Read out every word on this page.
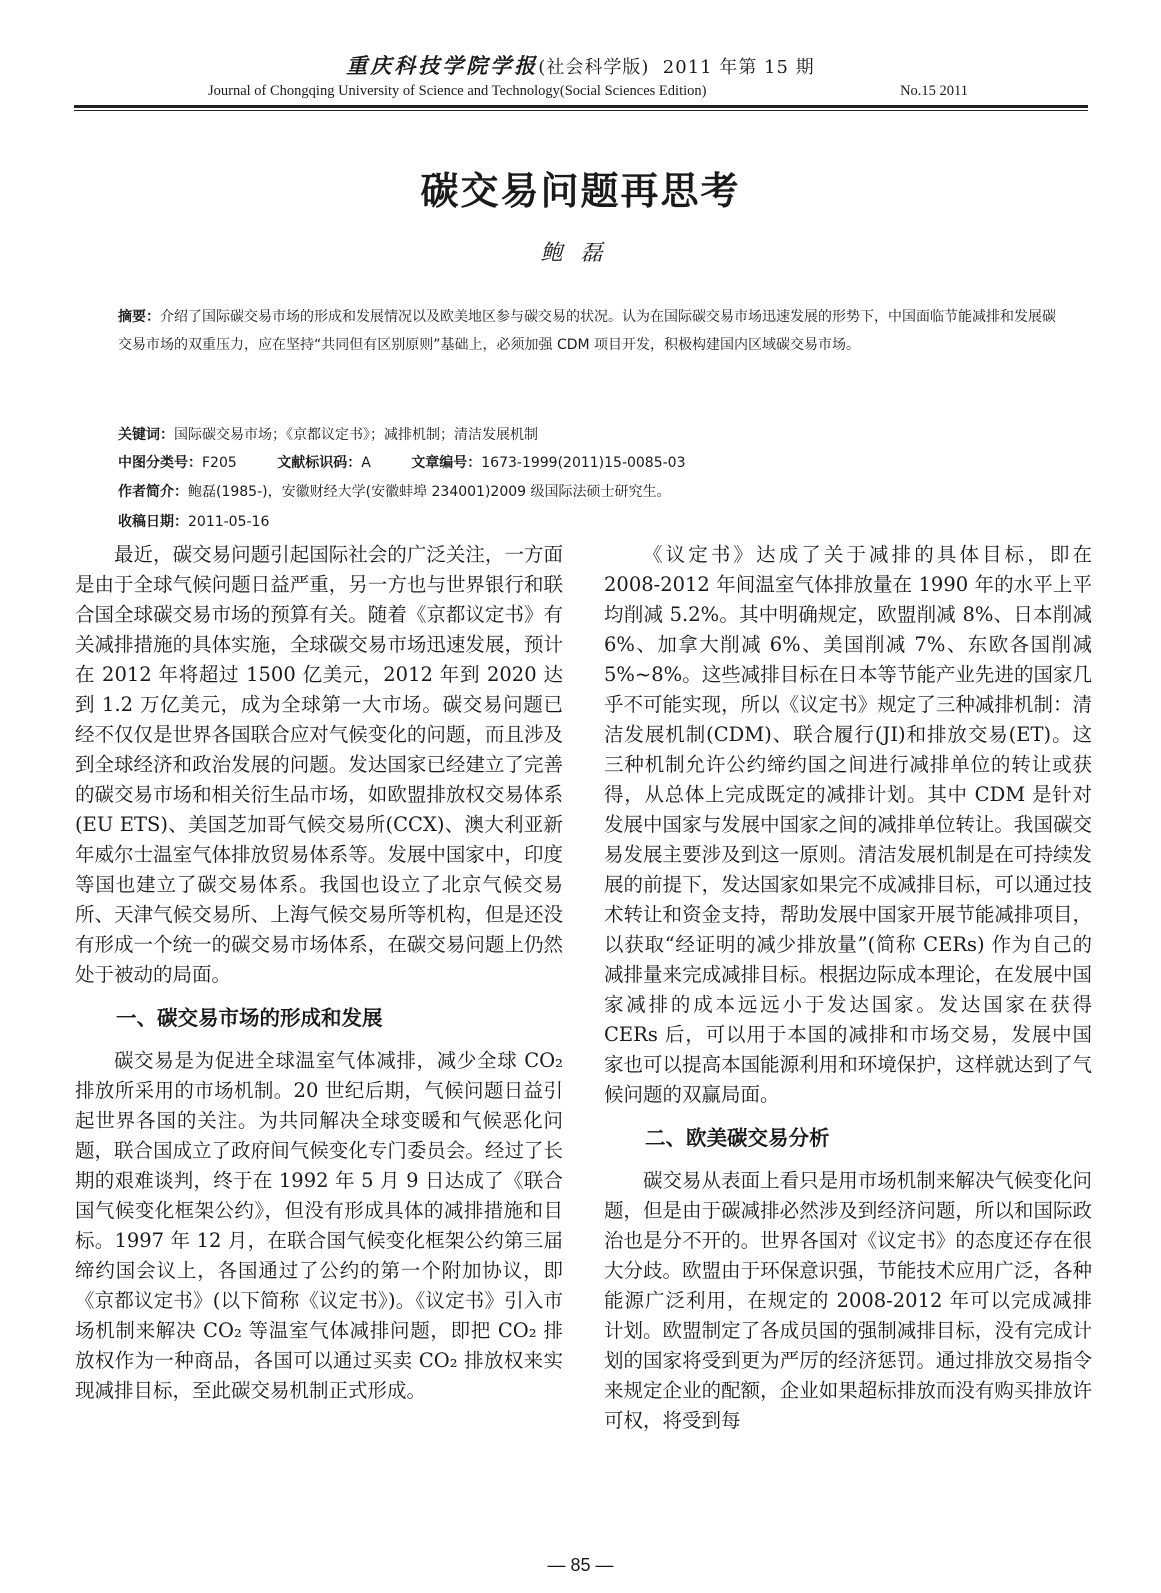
重庆科技学院学报(社会科学版) 2011 年第 15 期
Journal of Chongqing University of Science and Technology(Social Sciences Edition)	No.15 2011
碳交易问题再思考
鲍磊
摘要：介绍了国际碳交易市场的形成和发展情况以及欧美地区参与碳交易的状况。认为在国际碳交易市场迅速发展的形势下，中国面临节能减排和发展碳交易市场的双重压力，应在坚持“共同但有区别原则”基础上，必须加强 CDM 项目开发，积极构建国内区域碳交易市场。
关键词：国际碳交易市场；《京都议定书》；减排机制；清洁发展机制
中图分类号：F205	文献标识码：A	文章编号：1673-1999(2011)15-0085-03
作者简介：鲍磊(1985-)，安徽财经大学(安徽蚌埠 234001)2009 级国际法硕士研究生。
收稿日期：2011-05-16

最近，碳交易问题引起国际社会的广泛关注，一方面是由于全球气候问题日益严重，另一方也与世界银行和联合国全球碳交易市场的预算有关。随着《京都议定书》有关减排措施的具体实施，全球碳交易市场迅速发展，预计在 2012 年将超过 1500 亿美元，2012 年到 2020 达到 1.2 万亿美元，成为全球第一大市场。碳交易问题已经不仅仅是世界各国联合应对气候变化的问题，而且涉及到全球经济和政治发展的问题。发达国家已经建立了完善的碳交易市场和相关衍生品市场，如欧盟排放权交易体系(EU ETS)、美国芝加哥气候交易所(CCX)、澳大利亚新年威尔士温室气体排放贸易体系等。发展中国家中，印度等国也建立了碳交易体系。我国也设立了北京气候交易所、天津气候交易所、上海气候交易所等机构，但是还没有形成一个统一的碳交易市场体系，在碳交易问题上仍然处于被动的局面。

一、碳交易市场的形成和发展

碳交易是为促进全球温室气体减排，减少全球 CO₂ 排放所采用的市场机制。20 世纪后期，气候问题日益引起世界各国的关注。为共同解决全球变暖和气候恶化问题，联合国成立了政府间气候变化专门委员会。经过了长期的艰难谈判，终于在 1992 年 5 月 9 日达成了《联合国气候变化框架公约》，但没有形成具体的减排措施和目标。1997 年 12 月，在联合国气候变化框架公约第三届缔约国会议上，各国通过了公约的第一个附加协议，即《京都议定书》(以下简称《议定书》)。《议定书》引入市场机制来解决 CO₂ 等温室气体减排问题，即把 CO₂ 排放权作为一种商品，各国可以通过买卖 CO₂ 排放权来实现减排目标，至此碳交易机制正式形成。

《议定书》达成了关于减排的具体目标，即在 2008-2012 年间温室气体排放量在 1990 年的水平上平均削减 5.2%。其中明确规定，欧盟削减 8%、日本削减 6%、加拿大削减 6%、美国削减 7%、东欧各国削减 5%~8%。这些减排目标在日本等节能产业先进的国家几乎不可能实现，所以《议定书》规定了三种减排机制：清洁发展机制(CDM)、联合履行(JI)和排放交易(ET)。这三种机制允许公约缔约国之间进行减排单位的转让或获得，从总体上完成既定的减排计划。其中 CDM 是针对发展中国家与发展中国家之间的减排单位转让。我国碳交易发展主要涉及到这一原则。清洁发展机制是在可持续发展的前提下，发达国家如果完不成减排目标，可以通过技术转让和资金支持，帮助发展中国家开展节能减排项目，以获取“经证明的减少排放量”(简称 CERs) 作为自己的减排量来完成减排目标。根据边际成本理论，在发展中国家减排的成本远远小于发达国家。发达国家在获得 CERs 后，可以用于本国的减排和市场交易，发展中国家也可以提高本国能源利用和环境保护，这样就达到了气候问题的双赢局面。

二、欧美碳交易分析

碳交易从表面上看只是用市场机制来解决气候变化问题，但是由于碳减排必然涉及到经济问题，所以和国际政治也是分不开的。世界各国对《议定书》的态度还存在很大分歧。欧盟由于环保意识强，节能技术应用广泛，各种能源广泛利用，在规定的 2008-2012 年可以完成减排计划。欧盟制定了各成员国的强制减排目标，没有完成计划的国家将受到更为严厉的经济惩罚。通过排放交易指令来规定企业的配额，企业如果超标排放而没有购买排放许可权，将受到每

— 85 —
